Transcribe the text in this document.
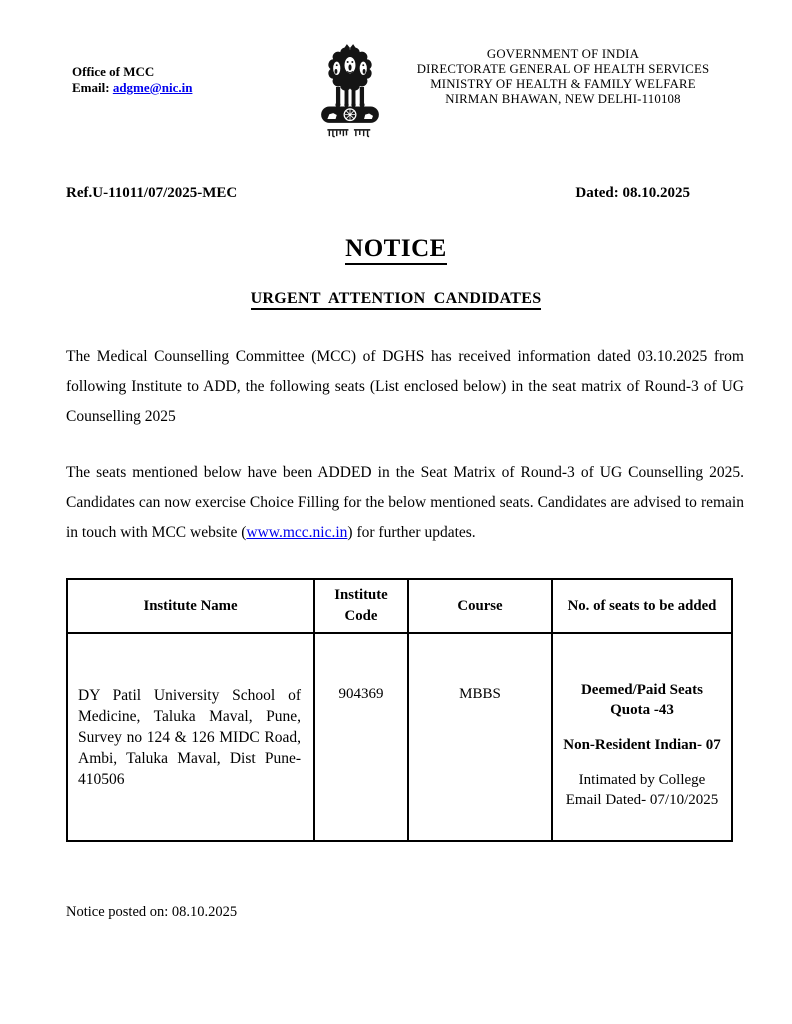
Office of MCC
Email: adgme@nic.in
GOVERNMENT OF INDIA
DIRECTORATE GENERAL OF HEALTH SERVICES
MINISTRY OF HEALTH & FAMILY WELFARE
NIRMAN BHAWAN, NEW DELHI-110108
Ref.U-11011/07/2025-MEC	Dated: 08.10.2025
NOTICE
URGENT ATTENTION CANDIDATES

The Medical Counselling Committee (MCC) of DGHS has received information dated 03.10.2025 from following Institute to ADD, the following seats (List enclosed below) in the seat matrix of Round-3 of UG Counselling 2025

The seats mentioned below have been ADDED in the Seat Matrix of Round-3 of UG Counselling 2025. Candidates can now exercise Choice Filling for the below mentioned seats. Candidates are advised to remain in touch with MCC website (www.mcc.nic.in) for further updates.

Institute Name	Institute Code	Course	No. of seats to be added
DY Patil University School of Medicine, Taluka Maval, Pune, Survey no 124 & 126 MIDC Road, Ambi, Taluka Maval, Dist Pune-410506	904369	MBBS	Deemed/Paid Seats Quota -43
Non-Resident Indian- 07
Intimated by College Email Dated- 07/10/2025
Notice posted on: 08.10.2025
